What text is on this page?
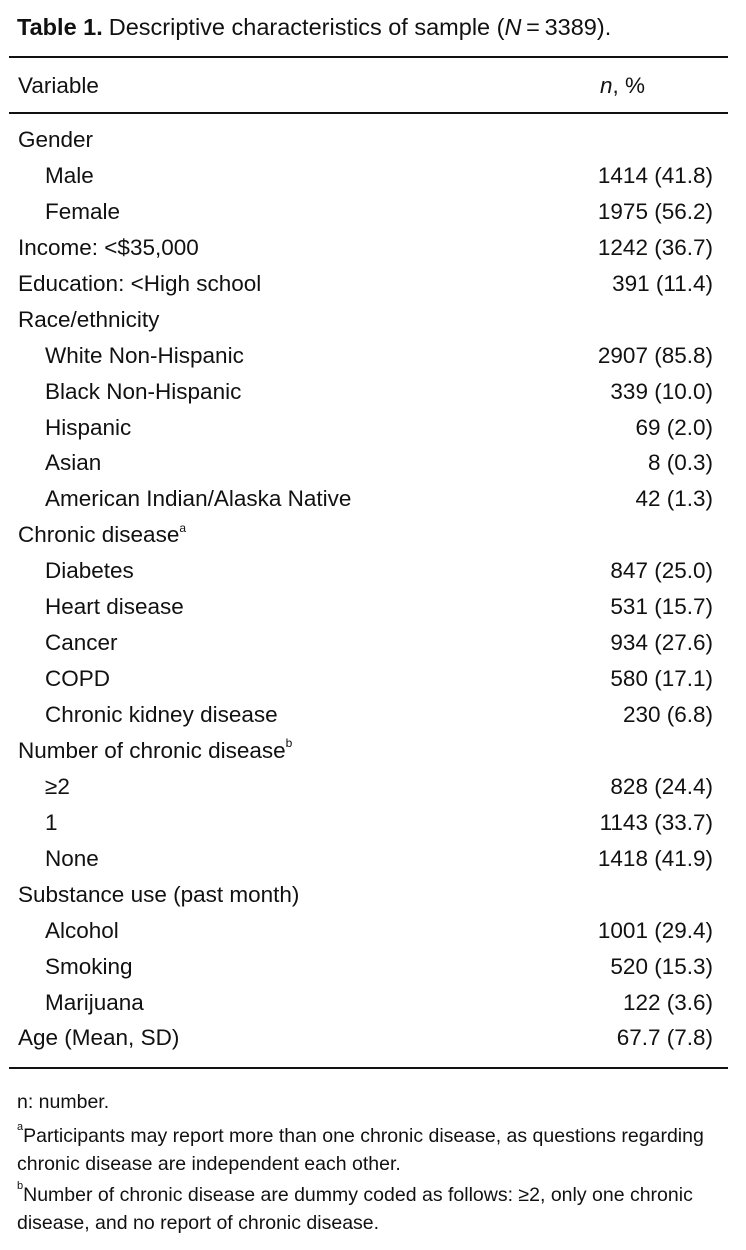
Table 1. Descriptive characteristics of sample (N = 3389).
Variable	n, %
Gender
Male	1414 (41.8)
Female	1975 (56.2)
Income: <$35,000	1242 (36.7)
Education: <High school	391 (11.4)
Race/ethnicity
White Non-Hispanic	2907 (85.8)
Black Non-Hispanic	339 (10.0)
Hispanic	69 (2.0)
Asian	8 (0.3)
American Indian/Alaska Native	42 (1.3)
Chronic disease$^a$
Diabetes	847 (25.0)
Heart disease	531 (15.7)
Cancer	934 (27.6)
COPD	580 (17.1)
Chronic kidney disease	230 (6.8)
Number of chronic disease$^b$
≥2	828 (24.4)
1	1143 (33.7)
None	1418 (41.9)
Substance use (past month)
Alcohol	1001 (29.4)
Smoking	520 (15.3)
Marijuana	122 (3.6)
Age (Mean, SD)	67.7 (7.8)

n: number.

$^a$Participants may report more than one chronic disease, as questions regarding chronic disease are independent each other.

$^b$Number of chronic disease are dummy coded as follows: ≥2, only one chronic disease, and no report of chronic disease.
